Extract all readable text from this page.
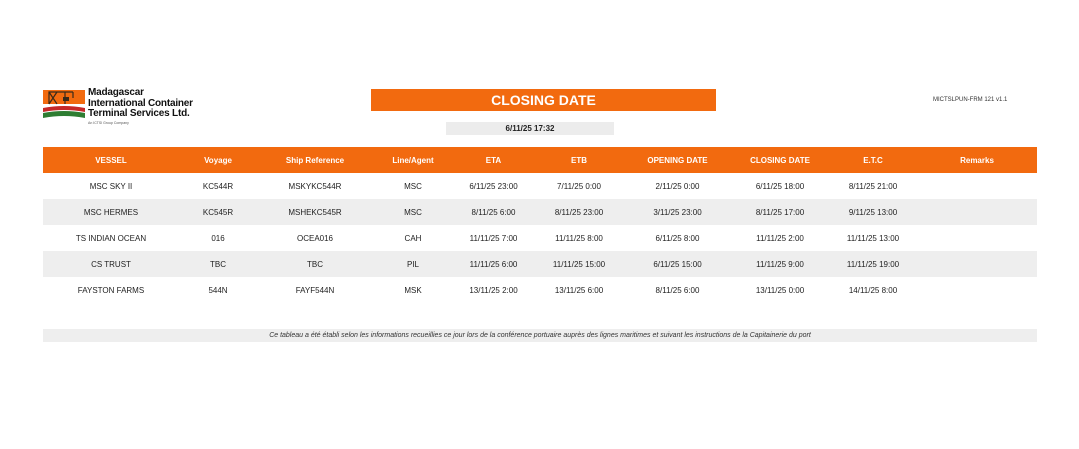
Madagascar
International Container
Terminal Services Ltd.
An ICTSI Group Company
CLOSING DATE
6/11/25 17:32
MICTSLPUN-FRM 121 v1.1
VESSEL	Voyage	Ship Reference	Line/Agent	ETA	ETB	OPENING DATE	CLOSING DATE	E.T.C	Remarks
MSC SKY II	KC544R	MSKYKC544R	MSC	6/11/25 23:00	7/11/25 0:00	2/11/25 0:00	6/11/25 18:00	8/11/25 21:00
MSC HERMES	KC545R	MSHEKC545R	MSC	8/11/25 6:00	8/11/25 23:00	3/11/25 23:00	8/11/25 17:00	9/11/25 13:00
TS INDIAN OCEAN	016	OCEA016	CAH	11/11/25 7:00	11/11/25 8:00	6/11/25 8:00	11/11/25 2:00	11/11/25 13:00
CS TRUST	TBC	TBC	PIL	11/11/25 6:00	11/11/25 15:00	6/11/25 15:00	11/11/25 9:00	11/11/25 19:00
FAYSTON FARMS	544N	FAYF544N	MSK	13/11/25 2:00	13/11/25 6:00	8/11/25 6:00	13/11/25 0:00	14/11/25 8:00
Ce tableau a été établi selon les informations recueillies ce jour lors de la conférence portuaire auprès des lignes maritimes et suivant les instructions de la Capitainerie du port
